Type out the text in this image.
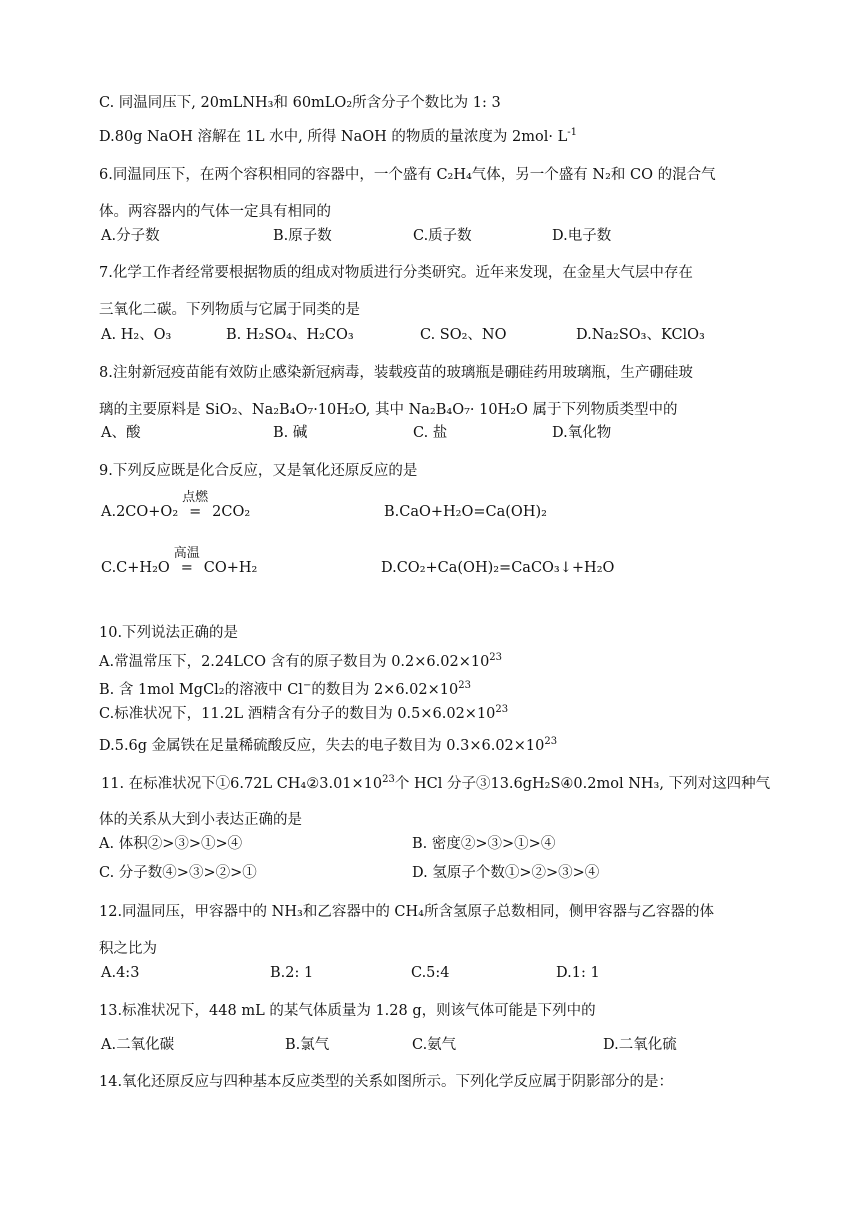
C. 同温同压下, 20mLNH₃和 60mLO₂所含分子个数比为 1: 3
D.80g NaOH 溶解在 1L 水中, 所得 NaOH 的物质的量浓度为 $2mol\cdot L^{-1}$
6.同温同压下，在两个容积相同的容器中，一个盛有 C₂H₄气体，另一个盛有 N₂和 CO 的混合气
体。两容器内的气体一定具有相同的
A.分子数	B.原子数	C.质子数	D.电子数
7.化学工作者经常要根据物质的组成对物质进行分类研究。近年来发现，在金星大气层中存在
三氧化二碳。下列物质与它属于同类的是
A. H₂、O₃	B. H₂SO₄、H₂CO₃	C. SO₂、NO	D.Na₂SO₃、KClO₃
8.注射新冠疫苗能有效防止感染新冠病毒，装载疫苗的玻璃瓶是硼硅药用玻璃瓶，生产硼硅玻
璃的主要原料是 SiO₂、Na₂B₄O₇·10H₂O, 其中 Na₂B₄O₇· 10H₂O 属于下列物质类型中的
A、酸	B. 碱	C. 盐	D.氧化物
9.下列反应既是化合反应，又是氧化还原反应的是
A.2CO+O₂
点燃
= 2CO₂	B.CaO+H₂O=Ca(OH)₂
C.C+H₂O
高温
= CO+H₂	D.CO₂+Ca(OH)₂=CaCO₃↓+H₂O
10.下列说法正确的是
A.常温常压下，2.24LCO 含有的原子数目为 $0.2\times 6.02\times 10^{23}$
B. 含 1mol MgCl₂的溶液中 Cl−的数目为 $2\times 6.02\times 10^{23}$
C.标准状况下，11.2L 酒精含有分子的数目为 $0.5\times 6.02\times 10^{23}$
D.5.6g 金属铁在足量稀硫酸反应，失去的电子数目为 $0.3\times 6.02\times 10^{23}$
11. 在标准状况下①6.72L $CH_4②3.01\times 10^{23}$个 HCl 分子③13.6gH₂S④0.2mol NH₃, 下列对这四种气
体的关系从大到小表达正确的是
A. 体积②>③>①>④	B. 密度②>③>①>④
C. 分子数④>③>②>①	D. 氢原子个数①>②>③>④
12.同温同压，甲容器中的 NH₃和乙容器中的 CH₄所含氢原子总数相同，侧甲容器与乙容器的体
积之比为
A.4:3	B.2: 1	C.5:4	D.1: 1
13.标准状况下，448 mL 的某气体质量为 1.28 g，则该气体可能是下列中的
A.二氧化碳	B.氯气	C.氨气	D.二氧化硫
14.氧化还原反应与四种基本反应类型的关系如图所示。下列化学反应属于阴影部分的是：
